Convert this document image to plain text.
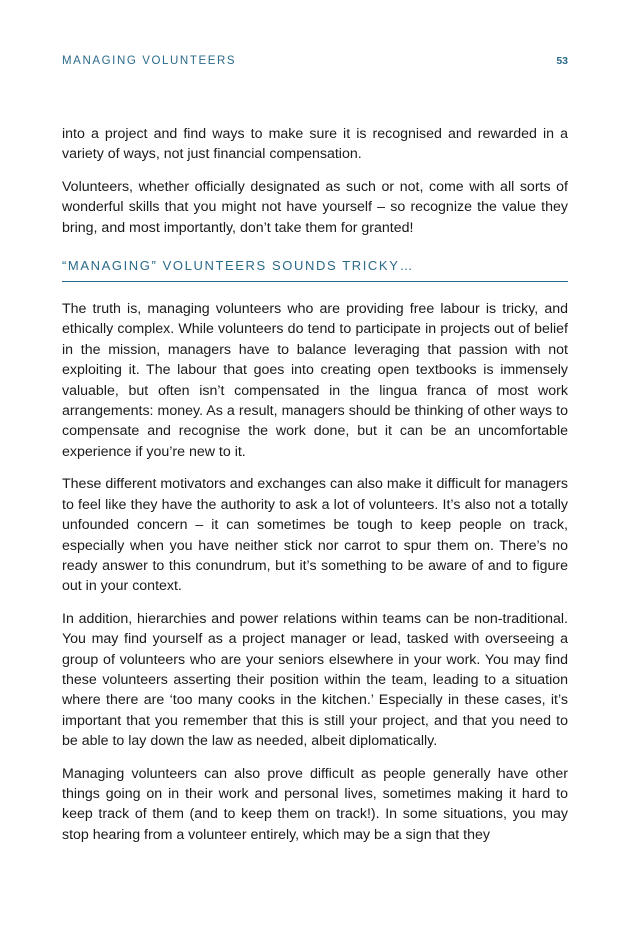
MANAGING VOLUNTEERS	53

into a project and find ways to make sure it is recognised and rewarded in a variety of ways, not just financial compensation.

Volunteers, whether officially designated as such or not, come with all sorts of wonderful skills that you might not have yourself – so recognize the value they bring, and most importantly, don’t take them for granted!

“MANAGING” VOLUNTEERS SOUNDS TRICKY…

The truth is, managing volunteers who are providing free labour is tricky, and ethically complex. While volunteers do tend to participate in projects out of belief in the mission, managers have to balance leveraging that passion with not exploiting it. The labour that goes into creating open textbooks is immensely valuable, but often isn’t compensated in the lingua franca of most work arrangements: money. As a result, managers should be thinking of other ways to compensate and recognise the work done, but it can be an uncomfortable experience if you’re new to it.

These different motivators and exchanges can also make it difficult for managers to feel like they have the authority to ask a lot of volunteers. It’s also not a totally unfounded concern – it can sometimes be tough to keep people on track, especially when you have neither stick nor carrot to spur them on. There’s no ready answer to this conundrum, but it’s something to be aware of and to figure out in your context.

In addition, hierarchies and power relations within teams can be non-traditional. You may find yourself as a project manager or lead, tasked with overseeing a group of volunteers who are your seniors elsewhere in your work. You may find these volunteers asserting their position within the team, leading to a situation where there are ‘too many cooks in the kitchen.’ Especially in these cases, it’s important that you remember that this is still your project, and that you need to be able to lay down the law as needed, albeit diplomatically.

Managing volunteers can also prove difficult as people generally have other things going on in their work and personal lives, sometimes making it hard to keep track of them (and to keep them on track!). In some situations, you may stop hearing from a volunteer entirely, which may be a sign that they
